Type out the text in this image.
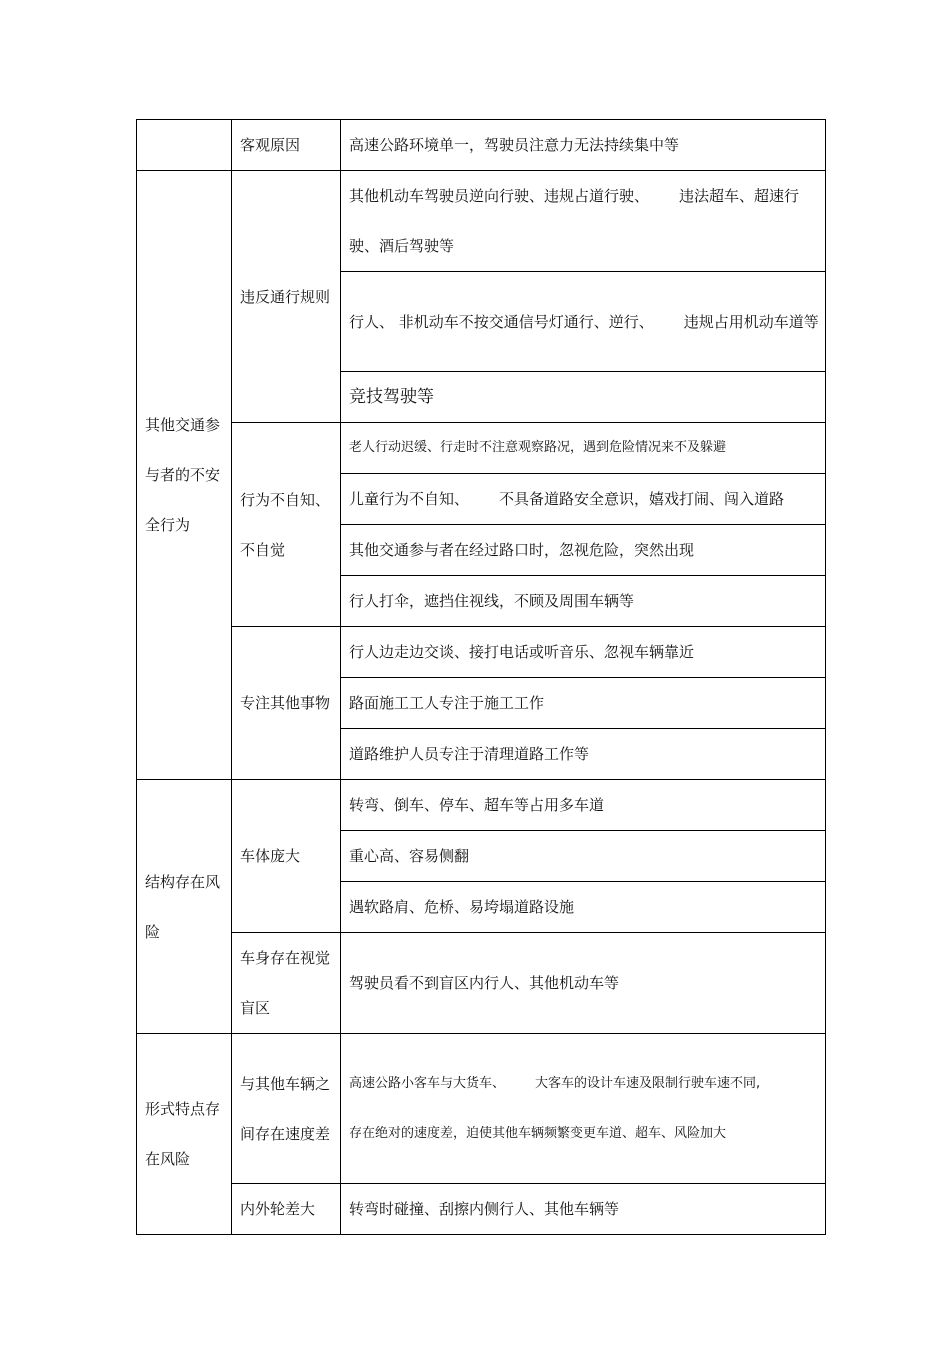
	客观原因	高速公路环境单一，驾驶员注意力无法持续集中等
其他交通参与者的不安全行为	违反通行规则	其他机动车驾驶员逆向行驶、违规占道行驶、 违法超车、超速行驶、酒后驾驶等
		行人、 非机动车不按交通信号灯通行、逆行、 违规占用机动车道等
		竞技驾驶等
	行为不自知、不自觉	老人行动迟缓、行走时不注意观察路况，遇到危险情况来不及躲避
		儿童行为不自知、 不具备道路安全意识，嬉戏打闹、闯入道路
		其他交通参与者在经过路口时，忽视危险，突然出现
		行人打伞，遮挡住视线，不顾及周围车辆等
	专注其他事物	行人边走边交谈、接打电话或听音乐、忽视车辆靠近
		路面施工工人专注于施工工作
		道路维护人员专注于清理道路工作等
结构存在风险	车体庞大	转弯、倒车、停车、超车等占用多车道
		重心高、容易侧翻
		遇软路肩、危桥、易垮塌道路设施
	车身存在视觉盲区	驾驶员看不到盲区内行人、其他机动车等
形式特点存在风险	与其他车辆之间存在速度差	高速公路小客车与大货车、 大客车的设计车速及限制行驶车速不同,
存在绝对的速度差，迫使其他车辆频繁变更车道、超车、风险加大
	内外轮差大	转弯时碰撞、刮擦内侧行人、其他车辆等
